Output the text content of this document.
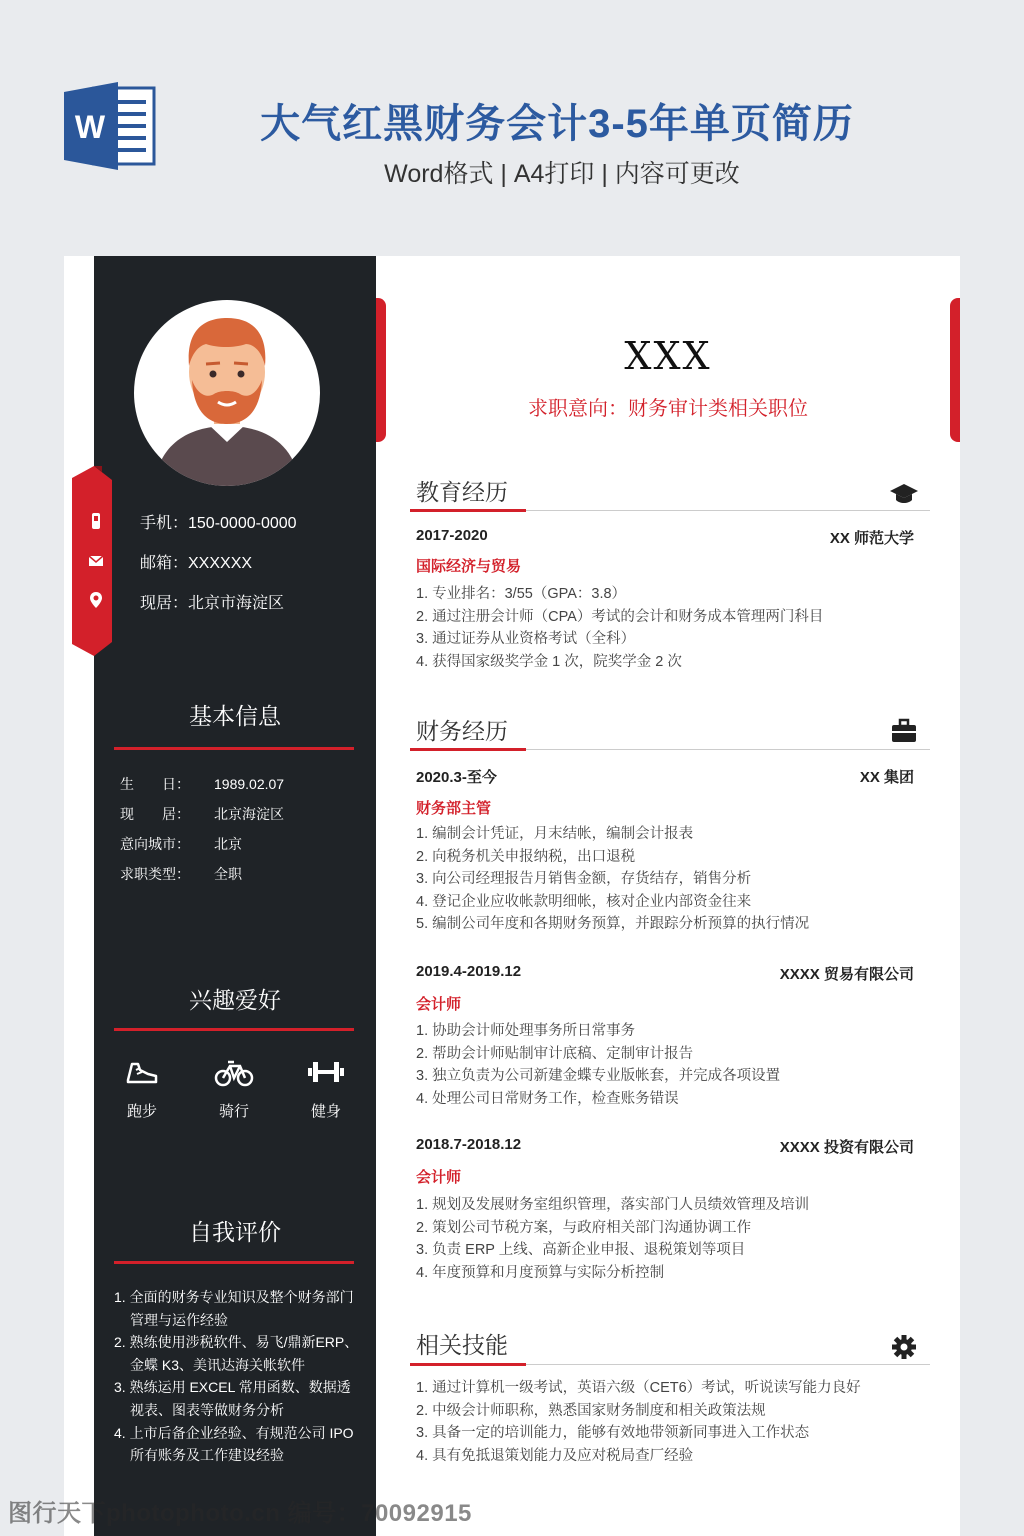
W	大气红黑财务会计3-5年单页简历
Word格式 | A4打印 | 内容可更改
手机：150-0000-0000
邮箱：XXXXXX
现居：北京市海淀区
基本信息
生　　日： 1989.02.07
现　　居： 北京海淀区
意向城市： 北京
求职类型： 全职
兴趣爱好
跑步	骑行	健身
自我评价
1. 全面的财务专业知识及整个财务部门管理与运作经验
2. 熟练使用涉税软件、易飞/鼎新ERP、金蝶 K3、美讯达海关帐软件
3. 熟练运用 EXCEL 常用函数、数据透视表、图表等做财务分析
4. 上市后备企业经验、有规范公司 IPO 所有账务及工作建设经验
XXX
求职意向：财务审计类相关职位
教育经历
2017-2020	XX 师范大学
国际经济与贸易
1. 专业排名：3/55（GPA：3.8）
2. 通过注册会计师（CPA）考试的会计和财务成本管理两门科目
3. 通过证券从业资格考试（全科）
4. 获得国家级奖学金 1 次，院奖学金 2 次
财务经历
2020.3-至今	XX 集团
财务部主管
1. 编制会计凭证，月末结帐，编制会计报表
2. 向税务机关申报纳税，出口退税
3. 向公司经理报告月销售金额，存货结存，销售分析
4. 登记企业应收帐款明细帐，核对企业内部资金往来
5. 编制公司年度和各期财务预算，并跟踪分析预算的执行情况
2019.4-2019.12	XXXX 贸易有限公司
会计师
1. 协助会计师处理事务所日常事务
2. 帮助会计师贴制审计底稿、定制审计报告
3. 独立负责为公司新建金蝶专业版帐套，并完成各项设置
4. 处理公司日常财务工作，检查账务错误
2018.7-2018.12	XXXX 投资有限公司
会计师
1. 规划及发展财务室组织管理，落实部门人员绩效管理及培训
2. 策划公司节税方案，与政府相关部门沟通协调工作
3. 负责 ERP 上线、高新企业申报、退税策划等项目
4. 年度预算和月度预算与实际分析控制
相关技能
1. 通过计算机一级考试，英语六级（CET6）考试，听说读写能力良好
2. 中级会计师职称，熟悉国家财务制度和相关政策法规
3. 具备一定的培训能力，能够有效地带领新同事进入工作状态
4. 具有免抵退策划能力及应对税局查厂经验
图行天下photophoto.cn 编号：70092915
